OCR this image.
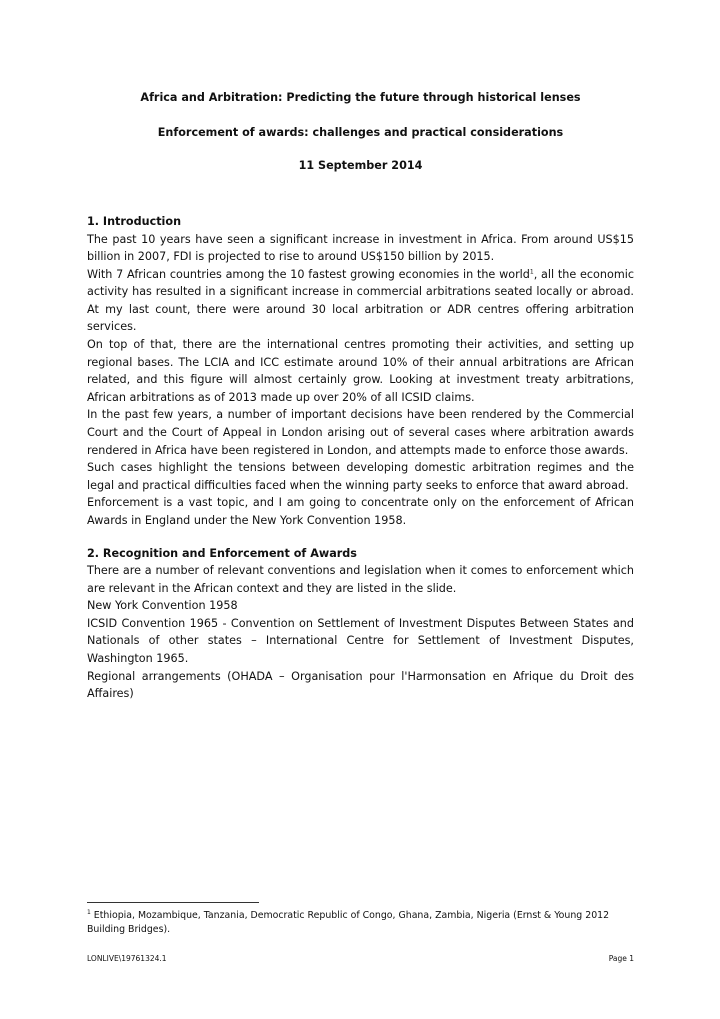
Africa and Arbitration: Predicting the future through historical lenses

Enforcement of awards: challenges and practical considerations

11 September 2014

1. Introduction

The past 10 years have seen a significant increase in investment in Africa. From around US$15 billion in 2007, FDI is projected to rise to around US$150 billion by 2015.

With 7 African countries among the 10 fastest growing economies in the world$^1$, all the economic activity has resulted in a significant increase in commercial arbitrations seated locally or abroad. At my last count, there were around 30 local arbitration or ADR centres offering arbitration services.

On top of that, there are the international centres promoting their activities, and setting up regional bases. The LCIA and ICC estimate around 10% of their annual arbitrations are African related, and this figure will almost certainly grow. Looking at investment treaty arbitrations, African arbitrations as of 2013 made up over 20% of all ICSID claims.

In the past few years, a number of important decisions have been rendered by the Commercial Court and the Court of Appeal in London arising out of several cases where arbitration awards rendered in Africa have been registered in London, and attempts made to enforce those awards.

Such cases highlight the tensions between developing domestic arbitration regimes and the legal and practical difficulties faced when the winning party seeks to enforce that award abroad.

Enforcement is a vast topic, and I am going to concentrate only on the enforcement of African Awards in England under the New York Convention 1958.

2. Recognition and Enforcement of Awards

There are a number of relevant conventions and legislation when it comes to enforcement which are relevant in the African context and they are listed in the slide.

New York Convention 1958

ICSID Convention 1965 - Convention on Settlement of Investment Disputes Between States and Nationals of other states – International Centre for Settlement of Investment Disputes, Washington 1965.

Regional arrangements (OHADA – Organisation pour l'Harmonsation en Afrique du Droit des Affaires)

$^1$ Ethiopia, Mozambique, Tanzania, Democratic Republic of Congo, Ghana, Zambia, Nigeria (Ernst & Young 2012 Building Bridges).

LONLIVE\19761324.1	Page 1
